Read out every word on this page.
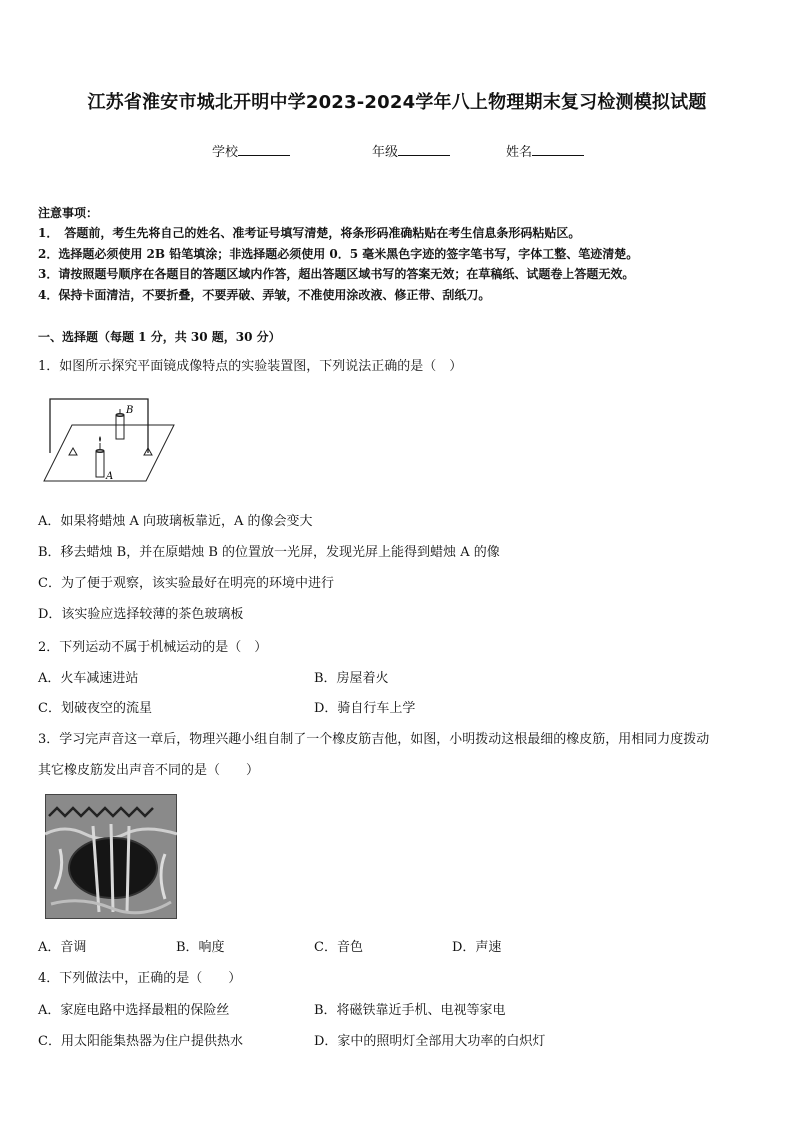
江苏省淮安市城北开明中学2023-2024学年八上物理期末复习检测模拟试题
学校	年级	姓名
注意事项：
1．　答题前，考生先将自己的姓名、准考证号填写清楚，将条形码准确粘贴在考生信息条形码粘贴区。
2．选择题必须使用 2B 铅笔填涂；非选择题必须使用 0．5 毫米黑色字迹的签字笔书写，字体工整、笔迹清楚。
3．请按照题号顺序在各题目的答题区域内作答，超出答题区域书写的答案无效；在草稿纸、试题卷上答题无效。
4．保持卡面清洁，不要折叠，不要弄破、弄皱，不准使用涂改液、修正带、刮纸刀。
一、选择题（每题 1 分，共 30 题，30 分）
1．如图所示探究平面镜成像特点的实验装置图，下列说法正确的是（　）
B
A
A．如果将蜡烛 A 向玻璃板靠近，A 的像会变大
B．移去蜡烛 B，并在原蜡烛 B 的位置放一光屏，发现光屏上能得到蜡烛 A 的像
C．为了便于观察，该实验最好在明亮的环境中进行
D．该实验应选择较薄的茶色玻璃板
2．下列运动不属于机械运动的是（　）
A．火车减速进站	B．房屋着火
C．划破夜空的流星	D．骑自行车上学
3．学习完声音这一章后，物理兴趣小组自制了一个橡皮筋吉他，如图，小明拨动这根最细的橡皮筋，用相同力度拨动
其它橡皮筋发出声音不同的是（　　）
A．音调	B．响度	C．音色	D．声速
4．下列做法中，正确的是（　　）
A．家庭电路中选择最粗的保险丝	B．将磁铁靠近手机、电视等家电
C．用太阳能集热器为住户提供热水	D．家中的照明灯全部用大功率的白炽灯
